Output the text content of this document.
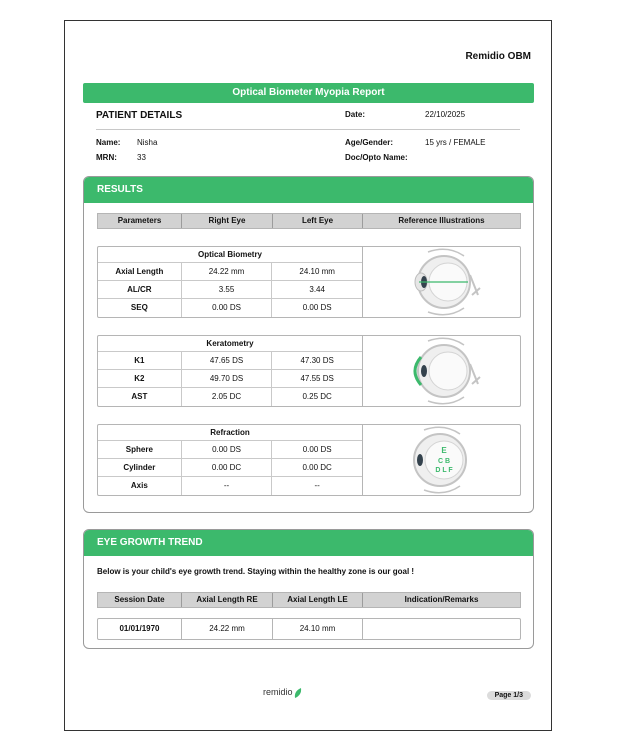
Remidio OBM
Optical Biometer Myopia Report
PATIENT DETAILS	Date:	22/10/2025
Name: Nisha	Age/Gender:	15 yrs / FEMALE
MRN:	33	Doc/Opto Name:
RESULTS
Parameters	Right Eye	Left Eye	Reference Illustrations
Optical Biometry
Axial Length	24.22 mm	24.10 mm
AL/CR	3.55	3.44
SEQ	0.00 DS	0.00 DS
Keratometry
K1	47.65 DS	47.30 DS
K2	49.70 DS	47.55 DS
AST	2.05 DC	0.25 DC
Refraction
Sphere	0.00 DS	0.00 DS
Cylinder	0.00 DC	0.00 DC
Axis	--	--
E
C B
D L F
EYE GROWTH TREND
Below is your child's eye growth trend. Staying within the healthy zone is our goal !
Session Date	Axial Length RE	Axial Length LE	Indication/Remarks
01/01/1970	24.22 mm	24.10 mm
remidio	Page 1/3
